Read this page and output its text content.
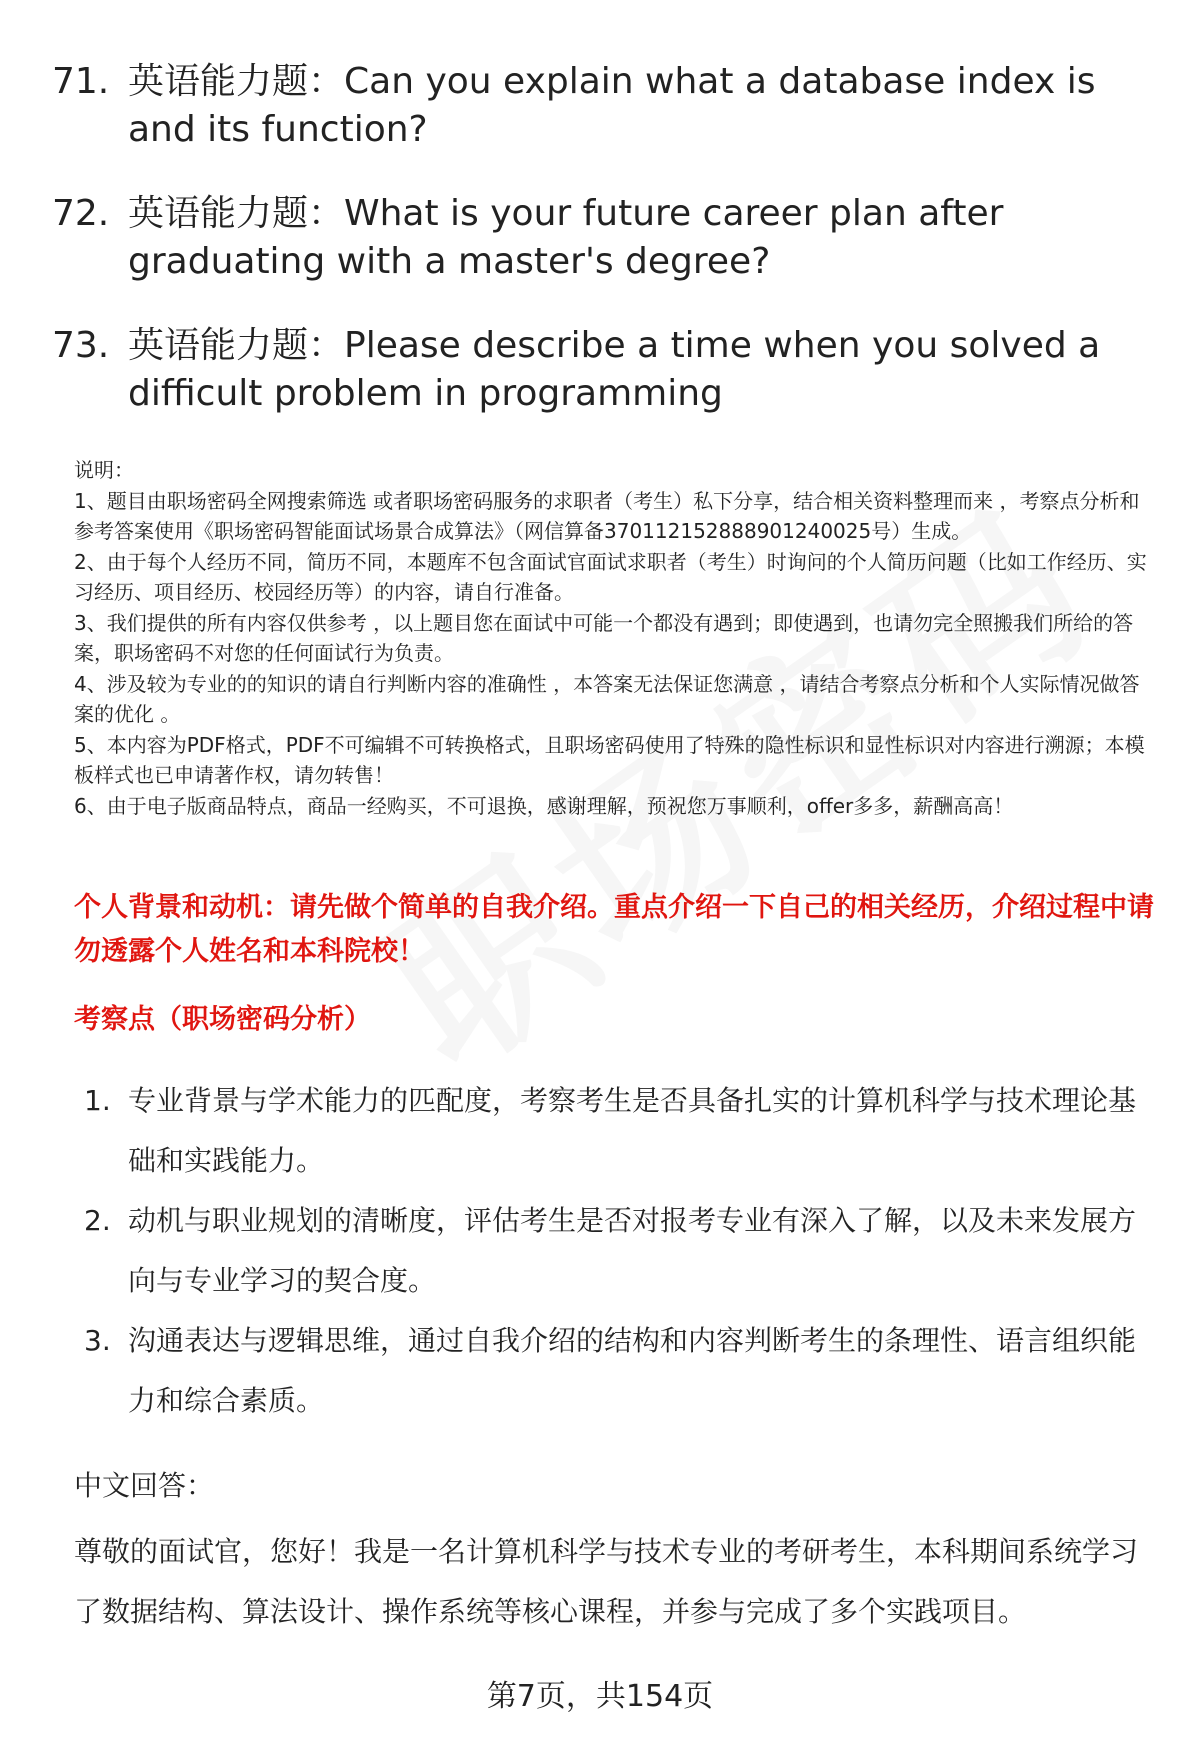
71. 英语能力题：Can you explain what a database index is and its function?
72. 英语能力题：What is your future career plan after graduating with a master's degree?
73. 英语能力题：Please describe a time when you solved a difficult problem in programming

说明：

1、题目由职场密码全网搜索筛选 或者职场密码服务的求职者（考生）私下分享，结合相关资料整理而来 ，考察点分析和参考答案使用《职场密码智能面试场景合成算法》（网信算备370112152888901240025号）生成。

2、由于每个人经历不同，简历不同，本题库不包含面试官面试求职者（考生）时询问的个人简历问题（比如工作经历、实习经历、项目经历、校园经历等）的内容，请自行准备。

3、我们提供的所有内容仅供参考 ，以上题目您在面试中可能一个都没有遇到；即使遇到，也请勿完全照搬我们所给的答案，职场密码不对您的任何面试行为负责。

4、涉及较为专业的的知识的请自行判断内容的准确性 ，本答案无法保证您满意 ，请结合考察点分析和个人实际情况做答案的优化 。

5、本内容为PDF格式，PDF不可编辑不可转换格式，且职场密码使用了特殊的隐性标识和显性标识对内容进行溯源；本模板样式也已申请著作权，请勿转售！

6、由于电子版商品特点，商品一经购买，不可退换，感谢理解，预祝您万事顺利，offer多多，薪酬高高！

个人背景和动机：请先做个简单的自我介绍。重点介绍一下自己的相关经历，介绍过程中请勿透露个人姓名和本科院校！
考察点（职场密码分析）
1. 专业背景与学术能力的匹配度，考察考生是否具备扎实的计算机科学与技术理论基础和实践能力。
2. 动机与职业规划的清晰度，评估考生是否对报考专业有深入了解，以及未来发展方向与专业学习的契合度。
3. 沟通表达与逻辑思维，通过自我介绍的结构和内容判断考生的条理性、语言组织能力和综合素质。
中文回答：
尊敬的面试官，您好！我是一名计算机科学与技术专业的考研考生，本科期间系统学习了数据结构、算法设计、操作系统等核心课程，并参与完成了多个实践项目。
第7页，共154页
